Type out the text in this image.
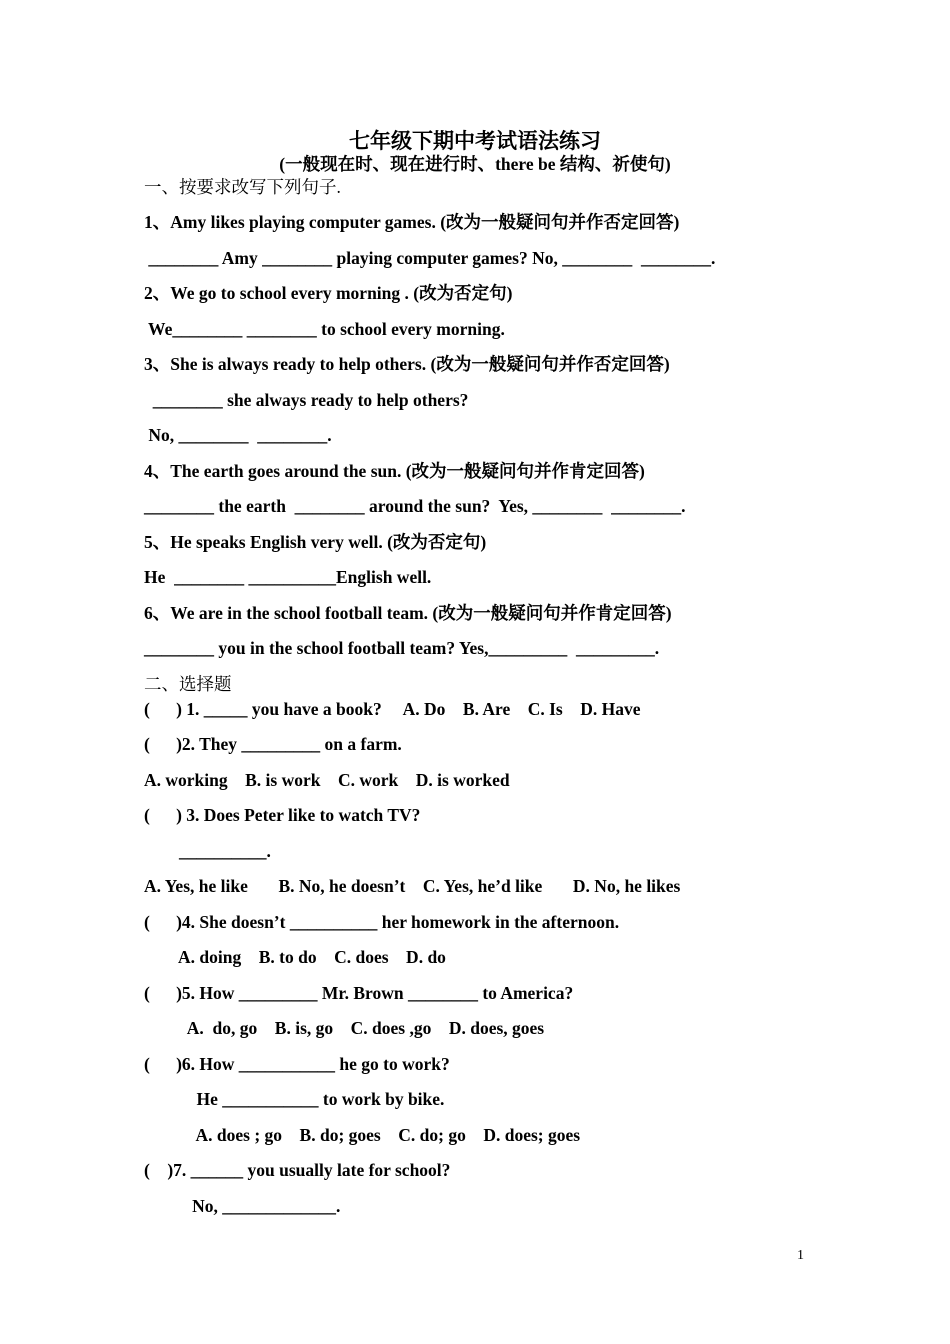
七年级下期中考试语法练习
(一般现在时、现在进行时、there be 结构、祈使句)
一、按要求改写下列句子.
1、Amy likes playing computer games. (改为一般疑问句并作否定回答)
________ Amy ________ playing computer games? No, ________  ________.
2、We go to school every morning . (改为否定句)
We________ ________ to school every morning.
3、She is always ready to help others. (改为一般疑问句并作否定回答)
________ she always ready to help others?
No, ________  ________.
4、The earth goes around the sun. (改为一般疑问句并作肯定回答)
________ the earth  ________ around the sun?  Yes, ________  ________.
5、He speaks English very well. (改为否定句)
He  ________ __________English well.
6、We are in the school football team. (改为一般疑问句并作肯定回答)
________ you in the school football team? Yes,_________  _________.
二、选择题
(      ) 1. _____ you have a book?     A. Do    B. Are    C. Is    D. Have
(      )2. They _________ on a farm.
A. working    B. is work    C. work    D. is worked
(      ) 3. Does Peter like to watch TV?
__________.
A. Yes, he like       B. No, he doesn’t    C. Yes, he’d like       D. No, he likes
(      )4. She doesn’t __________ her homework in the afternoon.
A. doing    B. to do    C. does    D. do
(      )5. How _________ Mr. Brown ________ to America?
A.  do, go    B. is, go    C. does ,go    D. does, goes
(      )6. How ___________ he go to work?
He ___________ to work by bike.
A. does ; go    B. do; goes    C. do; go    D. does; goes
(    )7. ______ you usually late for school?
No, _____________.
1
